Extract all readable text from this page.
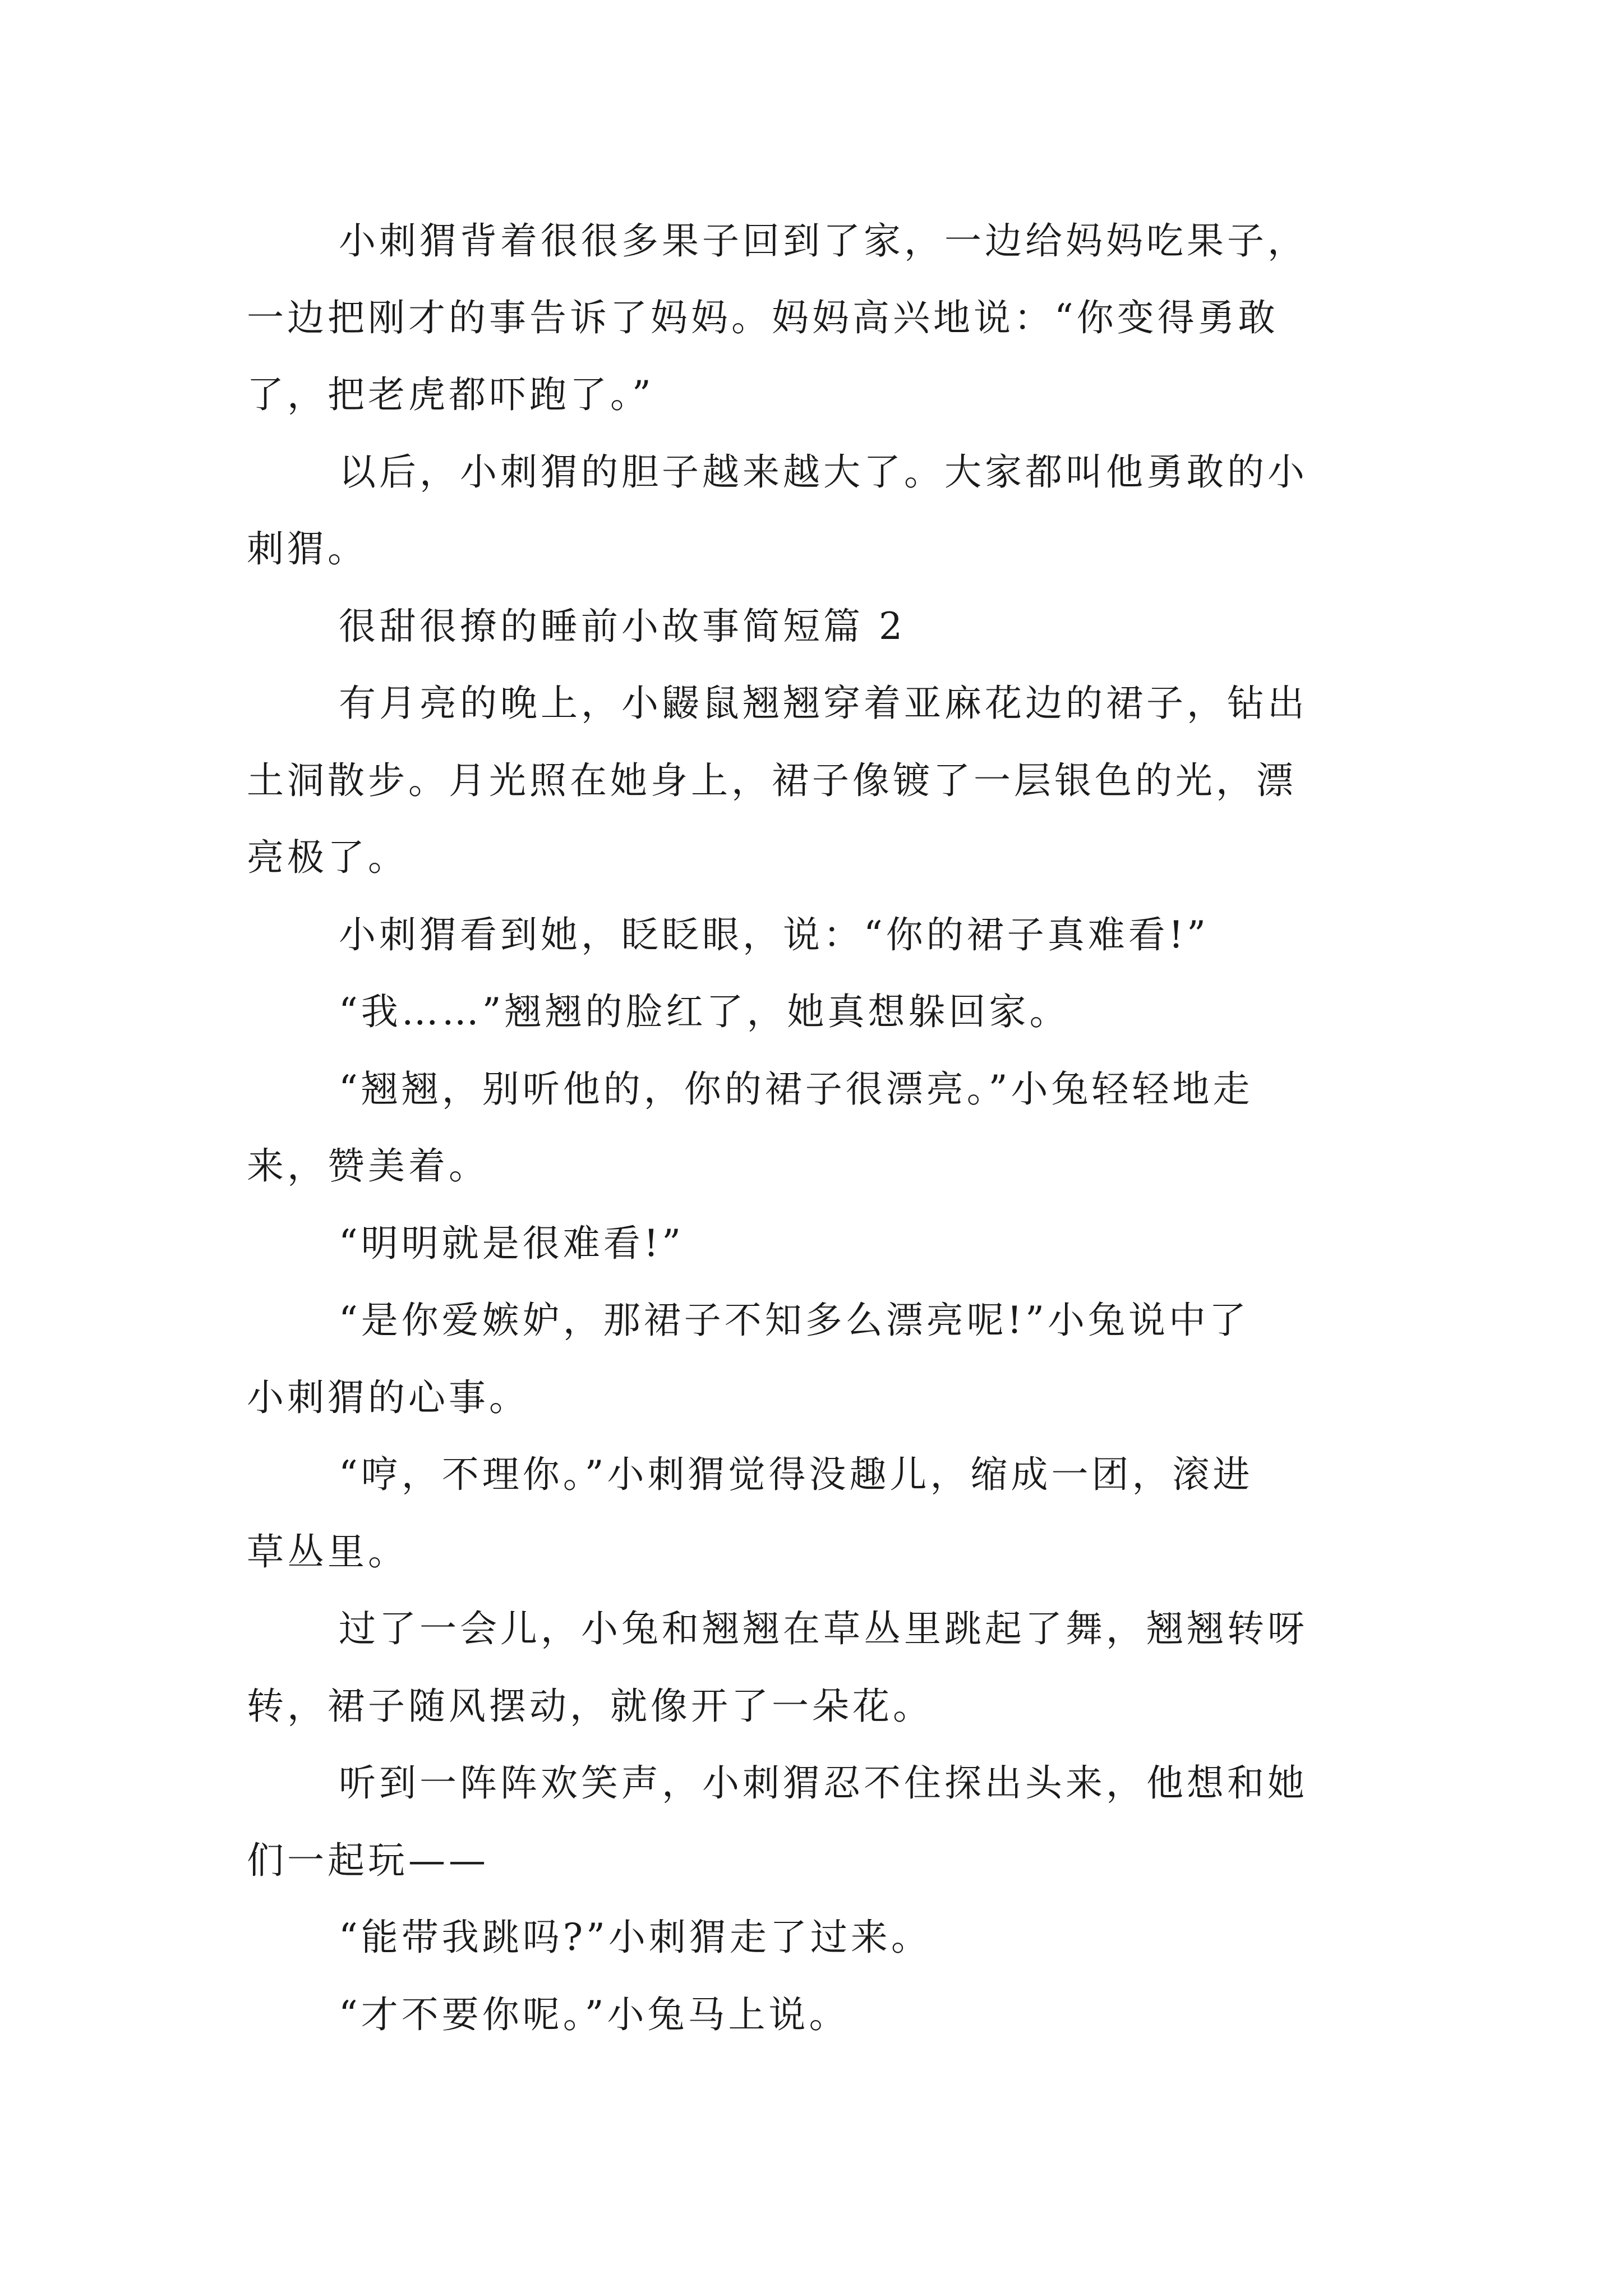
小刺猬背着很很多果子回到了家，一边给妈妈吃果子，
一边把刚才的事告诉了妈妈。妈妈高兴地说：“你变得勇敢
了，把老虎都吓跑了。”
以后，小刺猬的胆子越来越大了。大家都叫他勇敢的小
刺猬。
很甜很撩的睡前小故事简短篇 2
有月亮的晚上，小鼹鼠翘翘穿着亚麻花边的裙子，钻出
土洞散步。月光照在她身上，裙子像镀了一层银色的光，漂
亮极了。
小刺猬看到她，眨眨眼，说：“你的裙子真难看!”
“我……”翘翘的脸红了，她真想躲回家。
“翘翘，别听他的，你的裙子很漂亮。”小兔轻轻地走
来，赞美着。
“明明就是很难看!”
“是你爱嫉妒，那裙子不知多么漂亮呢!”小兔说中了
小刺猬的心事。
“哼，不理你。”小刺猬觉得没趣儿，缩成一团，滚进
草丛里。
过了一会儿，小兔和翘翘在草丛里跳起了舞，翘翘转呀
转，裙子随风摆动，就像开了一朵花。
听到一阵阵欢笑声，小刺猬忍不住探出头来，他想和她
们一起玩——
“能带我跳吗?”小刺猬走了过来。
“才不要你呢。”小兔马上说。
